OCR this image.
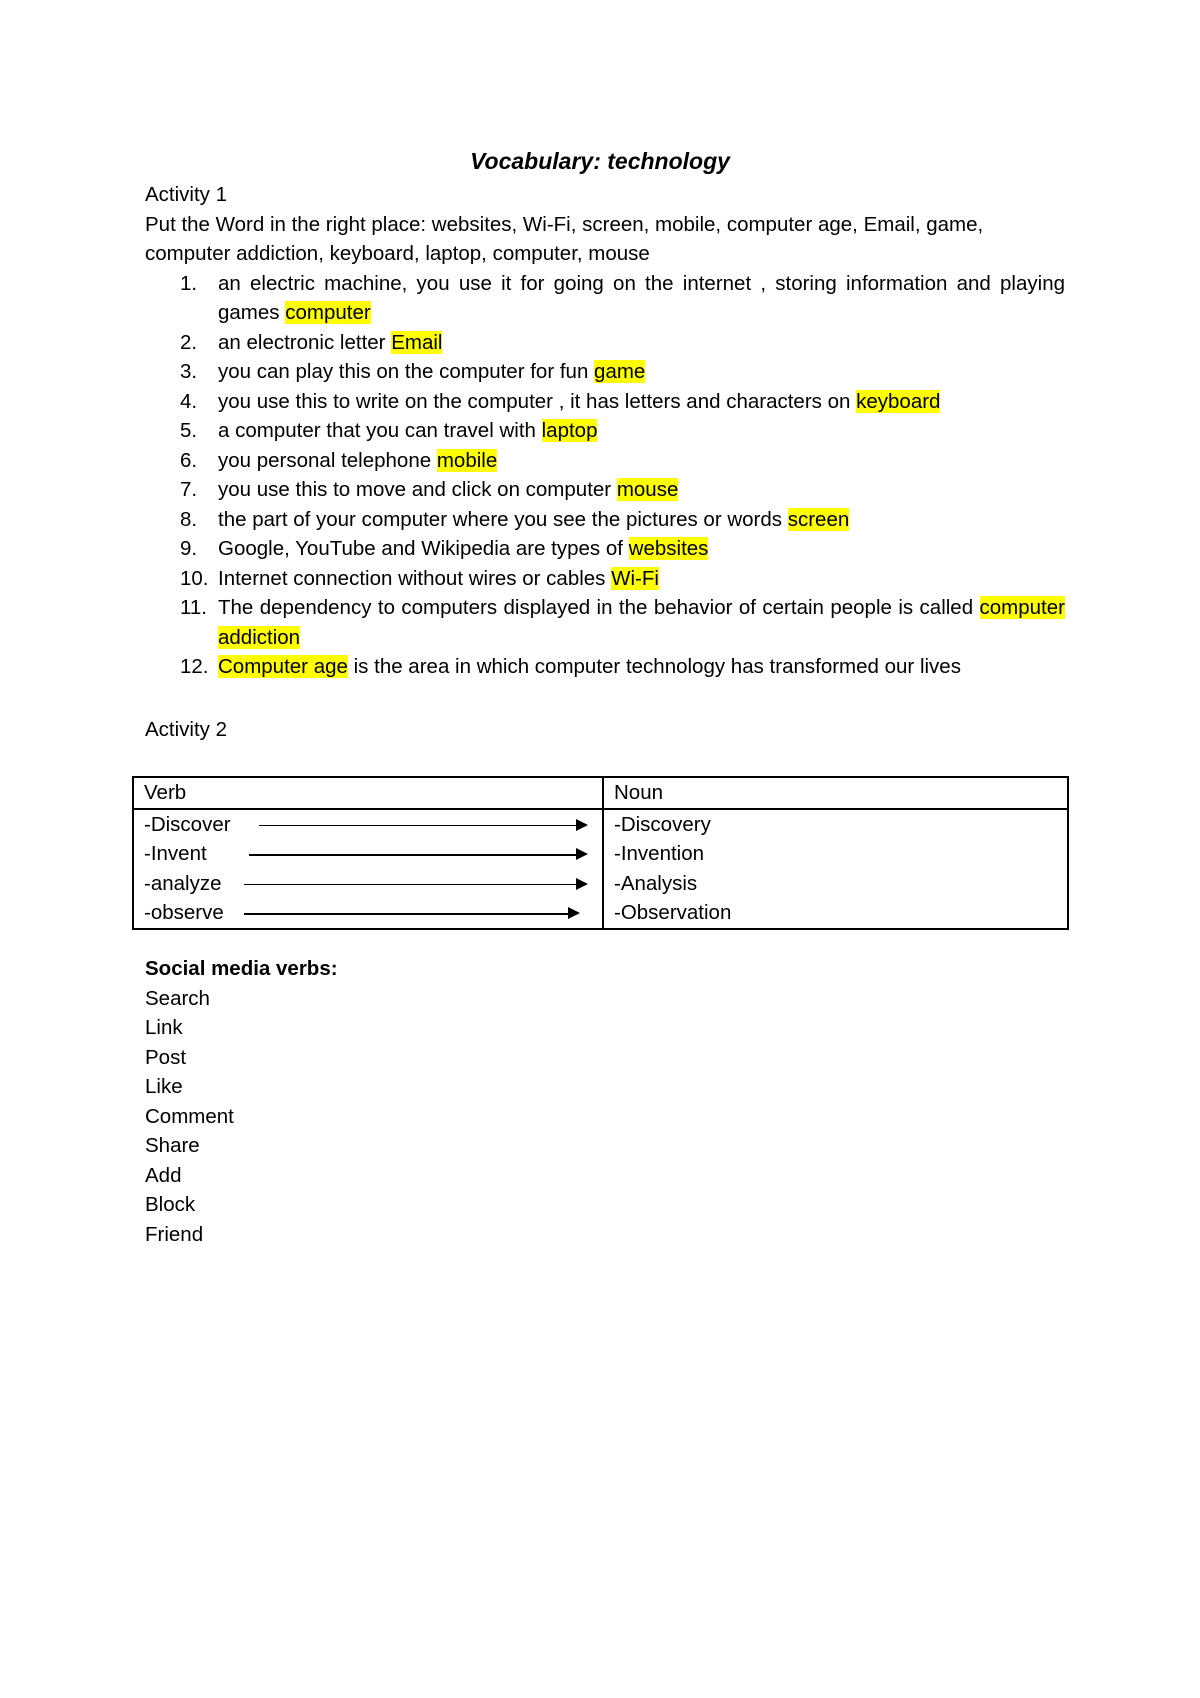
Vocabulary: technology
Activity 1
Put the Word in the right place: websites, Wi-Fi, screen, mobile, computer age, Email, game, computer addiction, keyboard, laptop, computer, mouse
1. an electric machine, you use it for going on the internet , storing information and playing games computer
2. an electronic letter Email
3. you can play this on the computer for fun game
4. you use this to write on the computer , it has letters and characters on keyboard
5. a computer that you can travel with laptop
6. you personal telephone mobile
7. you use this to move and click on computer mouse
8. the part of your computer where you see the pictures or words screen
9. Google, YouTube and Wikipedia are types of websites
10. Internet connection without wires or cables Wi-Fi
11. The dependency to computers displayed in the behavior of certain people is called computer addiction
12. Computer age is the area in which computer technology has transformed our lives
Activity 2
Verb	Noun

-Discover	-Discovery

-Invent	-Invention

-analyze	-Analysis

-observe	-Observation
Social media verbs:
Search
Link
Post
Like
Comment
Share
Add
Block
Friend
